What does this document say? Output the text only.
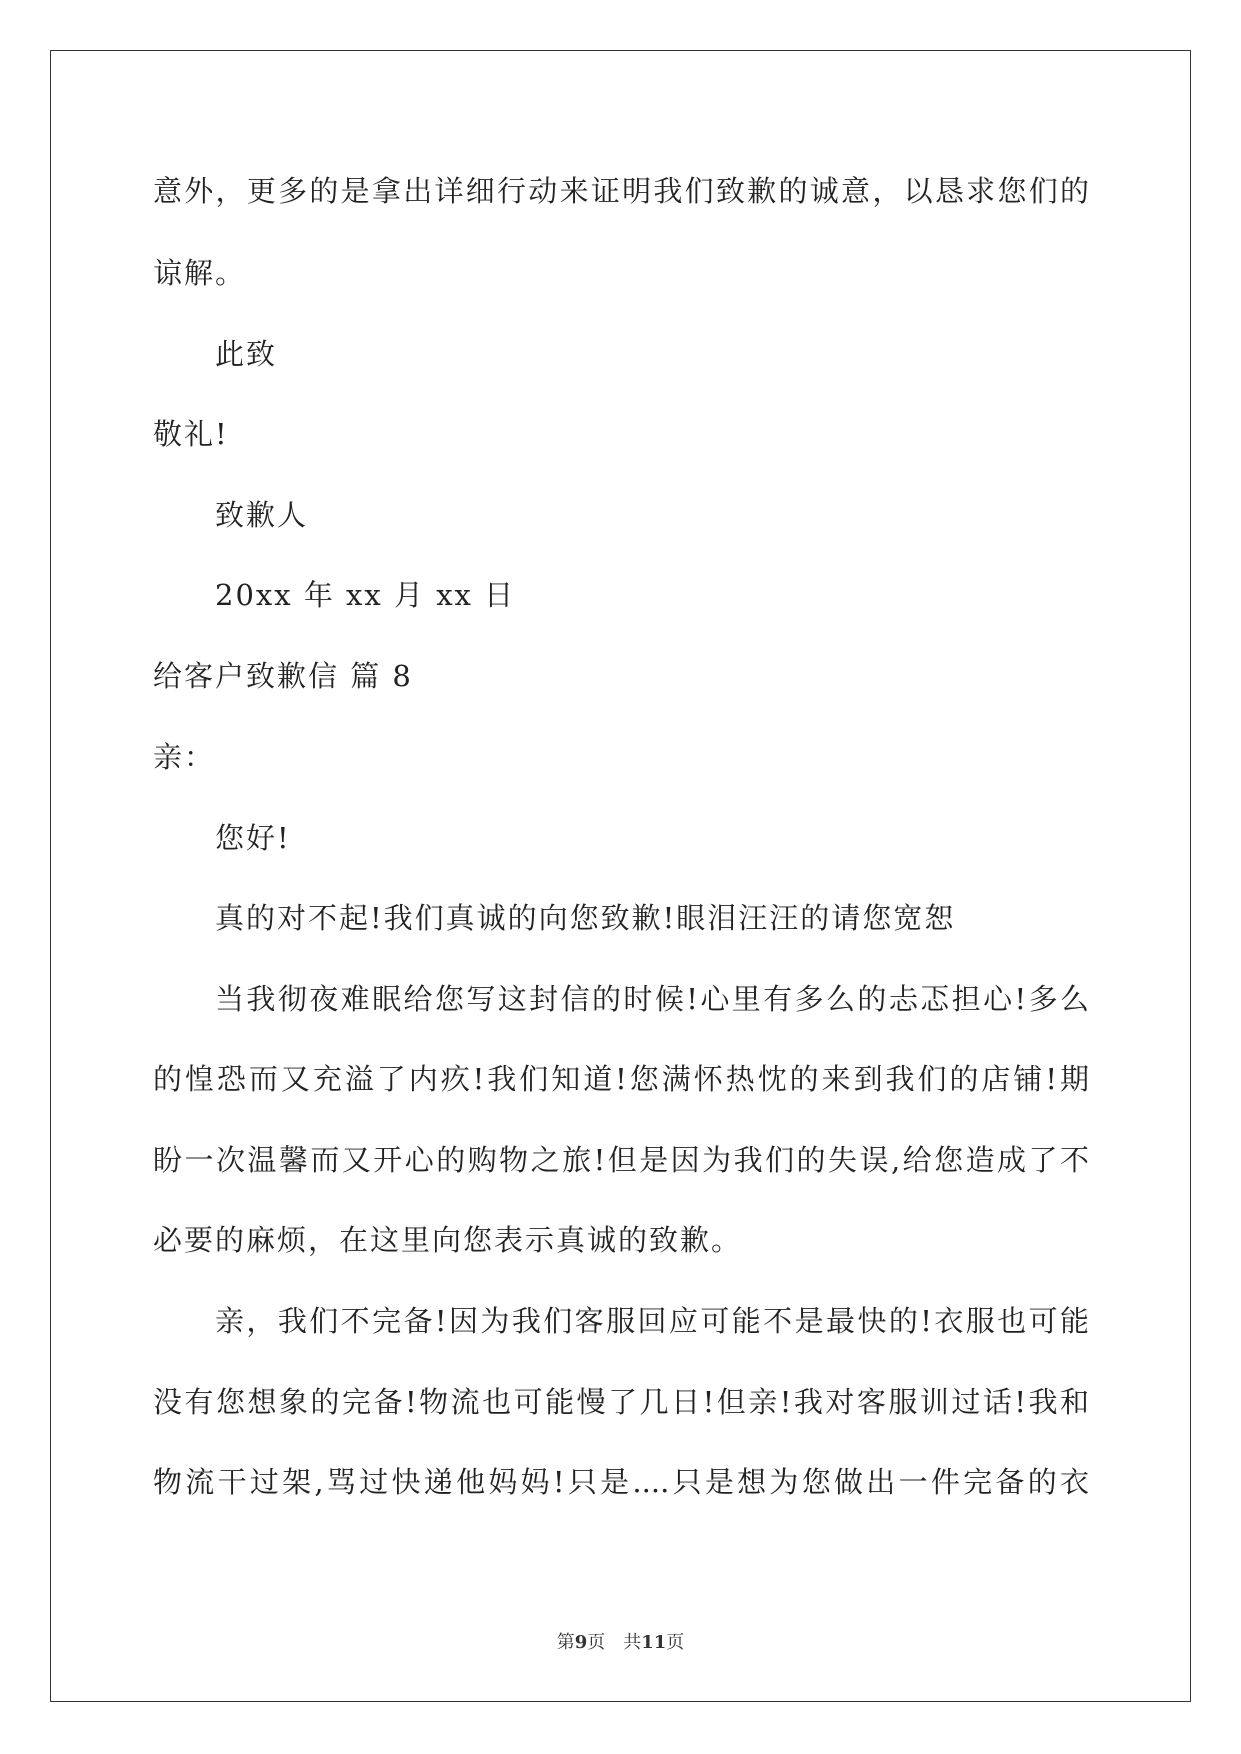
意外，更多的是拿出详细行动来证明我们致歉的诚意，以恳求您们的
谅解。
此致
敬礼!
致歉人
20xx 年 xx 月 xx 日
给客户致歉信 篇 8
亲：
您好!
真的对不起!我们真诚的向您致歉!眼泪汪汪的请您宽恕
当我彻夜难眠给您写这封信的时候!心里有多么的忐忑担心!多么
的惶恐而又充溢了内疚!我们知道!您满怀热忱的来到我们的店铺!期
盼一次温馨而又开心的购物之旅!但是因为我们的失误,给您造成了不
必要的麻烦，在这里向您表示真诚的致歉。
亲，我们不完备!因为我们客服回应可能不是最快的!衣服也可能
没有您想象的完备!物流也可能慢了几日!但亲!我对客服训过话!我和
物流干过架,骂过快递他妈妈!只是....只是想为您做出一件完备的衣
第9页　共11页
